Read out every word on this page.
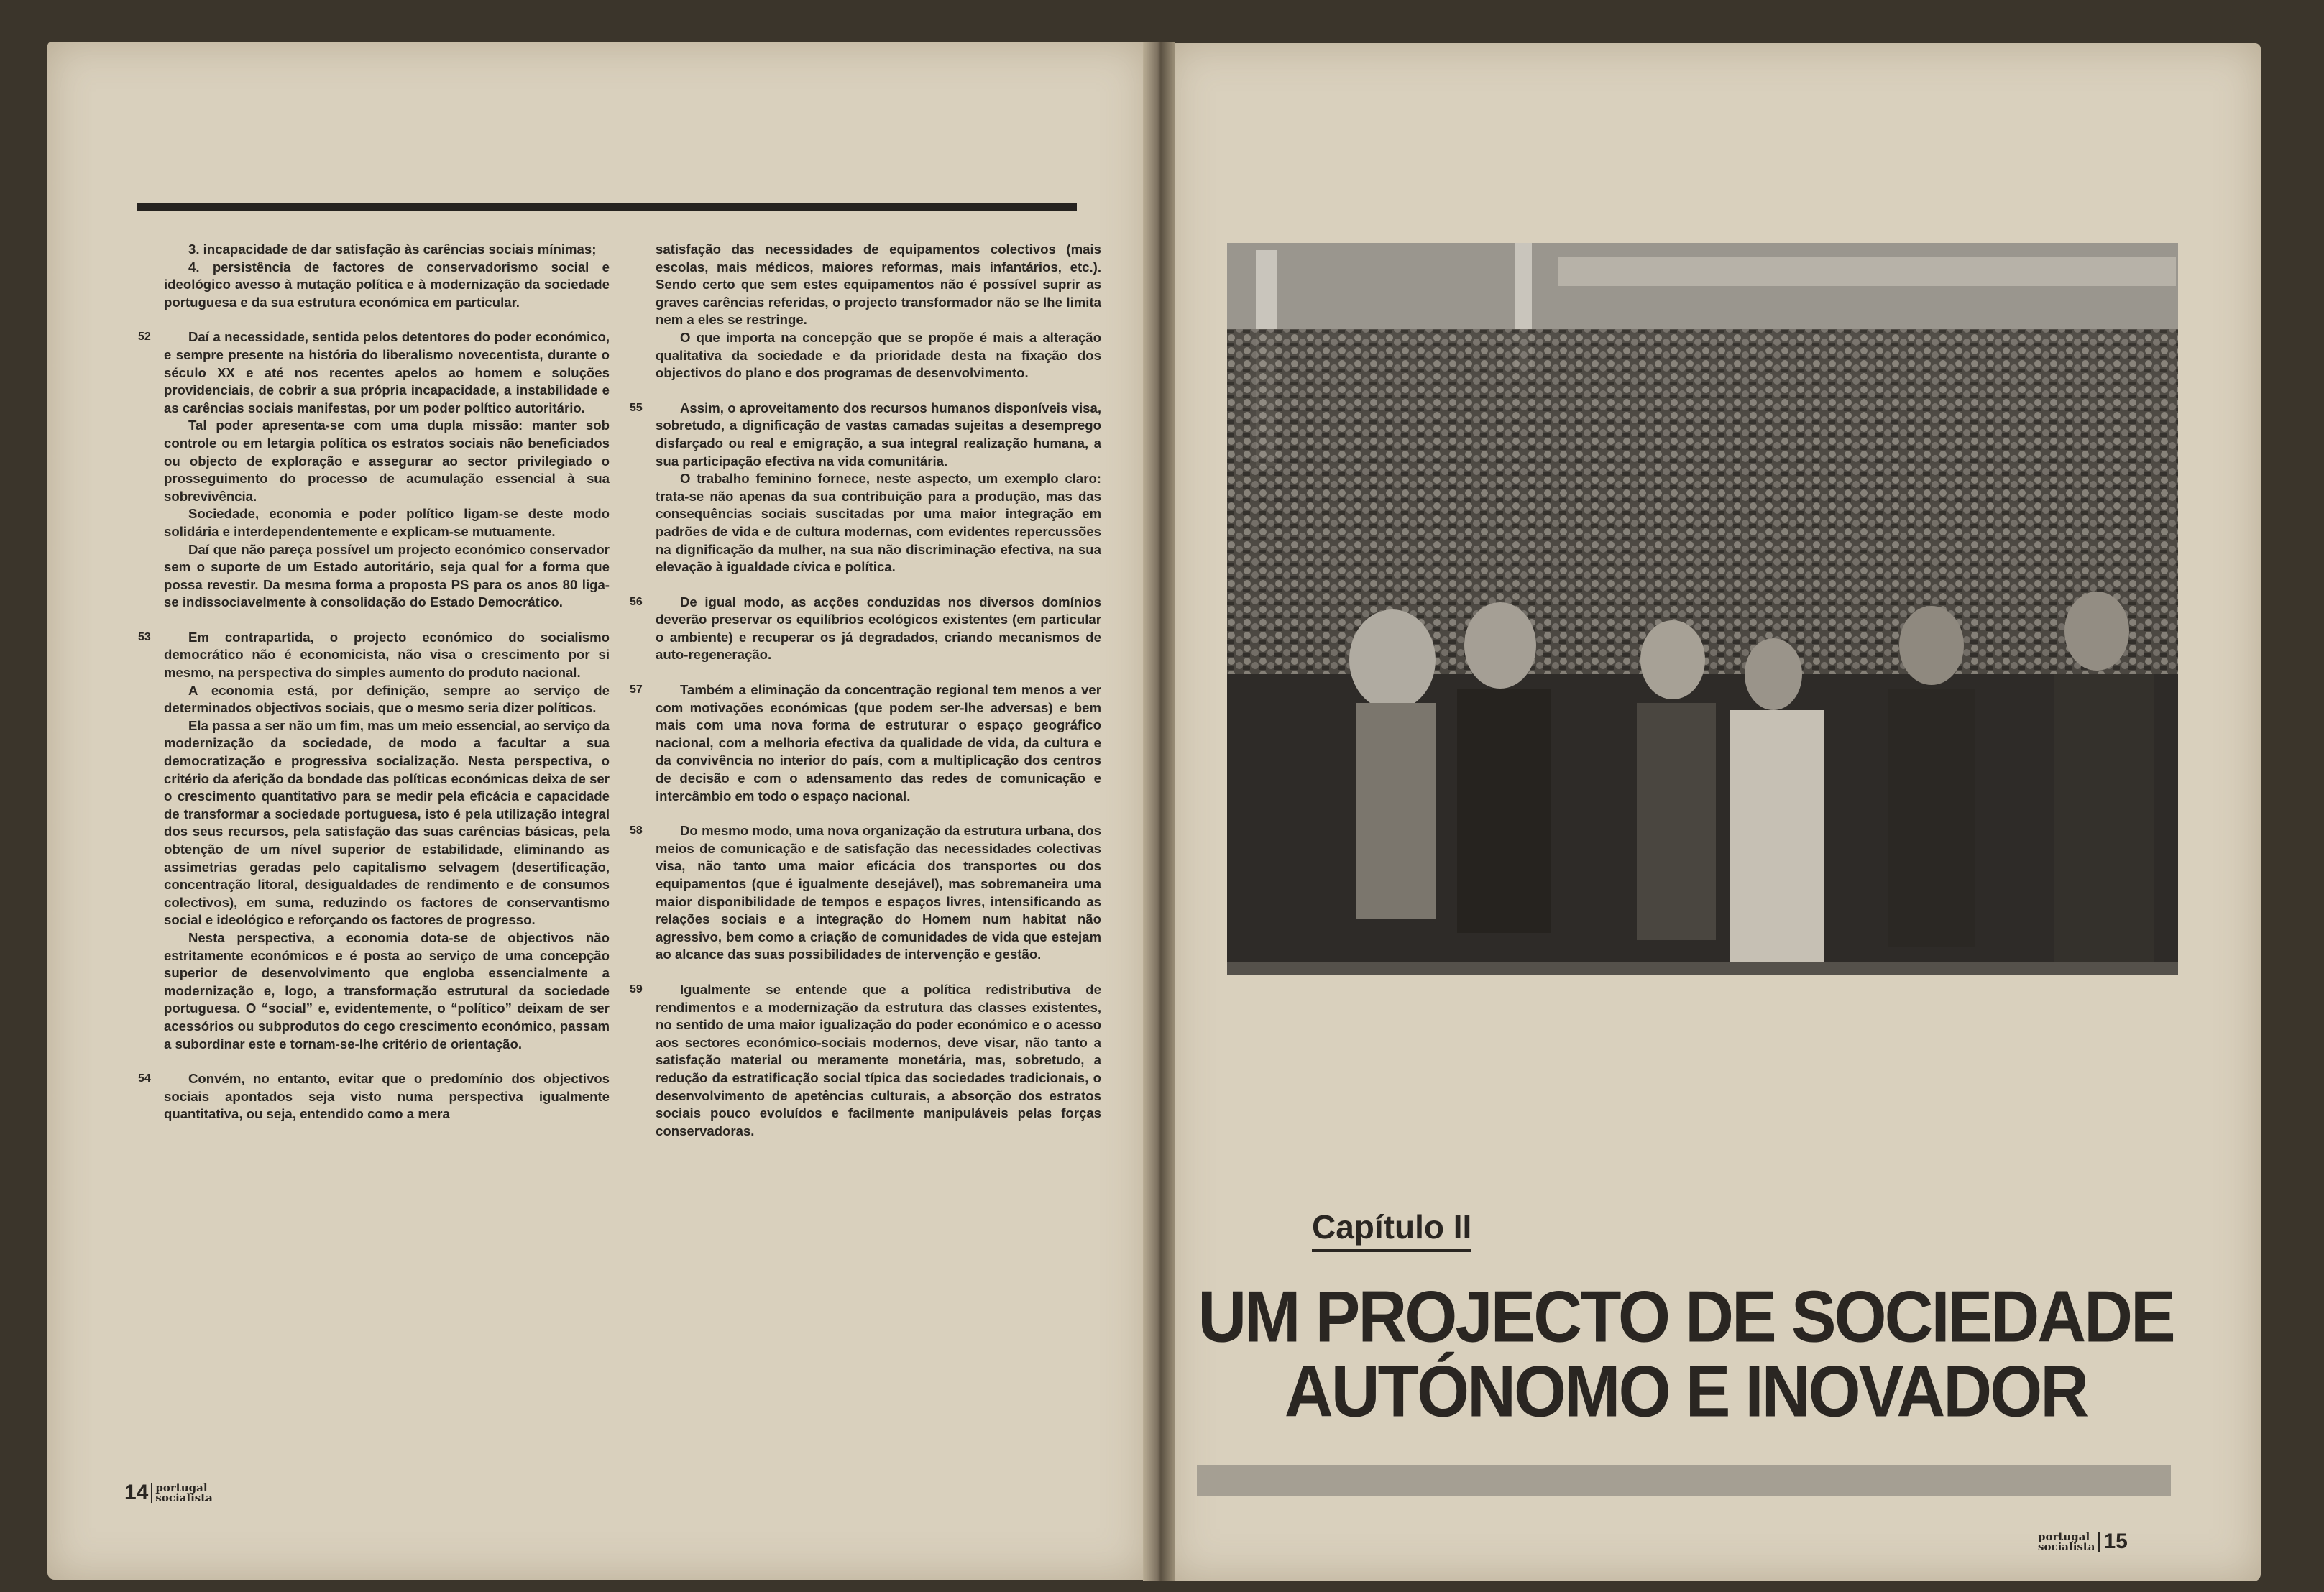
3. incapacidade de dar satisfação às carências sociais mínimas;

4. persistência de factores de conservadorismo social e ideológico avesso à mutação política e à modernização da sociedade portuguesa e da sua estrutura económica em particular.

52	Daí a necessidade, sentida pelos detentores do poder económico, e sempre presente na história do liberalismo novecentista, durante o século XX e até nos recentes apelos ao homem e soluções providenciais, de cobrir a sua própria incapacidade, a instabilidade e as carências sociais manifestas, por um poder político autoritário.

Tal poder apresenta-se com uma dupla missão: manter sob controle ou em letargia política os estratos sociais não beneficiados ou objecto de exploração e assegurar ao sector privilegiado o prosseguimento do processo de acumulação essencial à sua sobrevivência.

Sociedade, economia e poder político ligam-se deste modo solidária e interdependentemente e explicam-se mutuamente.

Daí que não pareça possível um projecto económico conservador sem o suporte de um Estado autoritário, seja qual for a forma que possa revestir. Da mesma forma a proposta PS para os anos 80 liga-se indissociavelmente à consolidação do Estado Democrático.

53	Em contrapartida, o projecto económico do socialismo democrático não é economicista, não visa o crescimento por si mesmo, na perspectiva do simples aumento do produto nacional.

A economia está, por definição, sempre ao serviço de determinados objectivos sociais, que o mesmo seria dizer políticos.

Ela passa a ser não um fim, mas um meio essencial, ao serviço da modernização da sociedade, de modo a facultar a sua democratização e progressiva socialização. Nesta perspectiva, o critério da aferição da bondade das políticas económicas deixa de ser o crescimento quantitativo para se medir pela eficácia e capacidade de transformar a sociedade portuguesa, isto é pela utilização integral dos seus recursos, pela satisfação das suas carências básicas, pela obtenção de um nível superior de estabilidade, eliminando as assimetrias geradas pelo capitalismo selvagem (desertificação, concentração litoral, desigualdades de rendimento e de consumos colectivos), em suma, reduzindo os factores de conservantismo social e ideológico e reforçando os factores de progresso.

Nesta perspectiva, a economia dota-se de objectivos não estritamente económicos e é posta ao serviço de uma concepção superior de desenvolvimento que engloba essencialmente a modernização e, logo, a transformação estrutural da sociedade portuguesa. O “social” e, evidentemente, o “político” deixam de ser acessórios ou subprodutos do cego crescimento económico, passam a subordinar este e tornam-se-lhe critério de orientação.

54	Convém, no entanto, evitar que o predomínio dos objectivos sociais apontados seja visto numa perspectiva igualmente quantitativa, ou seja, entendido como a mera

satisfação das necessidades de equipamentos colectivos (mais escolas, mais médicos, maiores reformas, mais infantários, etc.). Sendo certo que sem estes equipamentos não é possível suprir as graves carências referidas, o projecto transformador não se lhe limita nem a eles se restringe.

O que importa na concepção que se propõe é mais a alteração qualitativa da sociedade e da prioridade desta na fixação dos objectivos do plano e dos programas de desenvolvimento.

55	Assim, o aproveitamento dos recursos humanos disponíveis visa, sobretudo, a dignificação de vastas camadas sujeitas a desemprego disfarçado ou real e emigração, a sua integral realização humana, a sua participação efectiva na vida comunitária.

O trabalho feminino fornece, neste aspecto, um exemplo claro: trata-se não apenas da sua contribuição para a produção, mas das consequências sociais suscitadas por uma maior integração em padrões de vida e de cultura modernas, com evidentes repercussões na dignificação da mulher, na sua não discriminação efectiva, na sua elevação à igualdade cívica e política.

56	De igual modo, as acções conduzidas nos diversos domínios deverão preservar os equilíbrios ecológicos existentes (em particular o ambiente) e recuperar os já degradados, criando mecanismos de auto-regeneração.

57	Também a eliminação da concentração regional tem menos a ver com motivações económicas (que podem ser-lhe adversas) e bem mais com uma nova forma de estruturar o espaço geográfico nacional, com a melhoria efectiva da qualidade de vida, da cultura e da convivência no interior do país, com a multiplicação dos centros de decisão e com o adensamento das redes de comunicação e intercâmbio em todo o espaço nacional.

58	Do mesmo modo, uma nova organização da estrutura urbana, dos meios de comunicação e de satisfação das necessidades colectivas visa, não tanto uma maior eficácia dos transportes ou dos equipamentos (que é igualmente desejável), mas sobremaneira uma maior disponibilidade de tempos e espaços livres, intensificando as relações sociais e a integração do Homem num habitat não agressivo, bem como a criação de comunidades de vida que estejam ao alcance das suas possibilidades de intervenção e gestão.

59	Igualmente se entende que a política redistributiva de rendimentos e a modernização da estrutura das classes existentes, no sentido de uma maior igualização do poder económico e o acesso aos sectores económico-sociais modernos, deve visar, não tanto a satisfação material ou meramente monetária, mas, sobretudo, a redução da estratificação social típica das sociedades tradicionais, o desenvolvimento de apetências culturais, a absorção dos estratos sociais pouco evoluídos e facilmente manipuláveis pelas forças conservadoras.

14 portugal
socialista
Capítulo II
UM PROJECTO DE SOCIEDADE
AUTÓNOMO E INOVADOR
portugal
socialista 15
